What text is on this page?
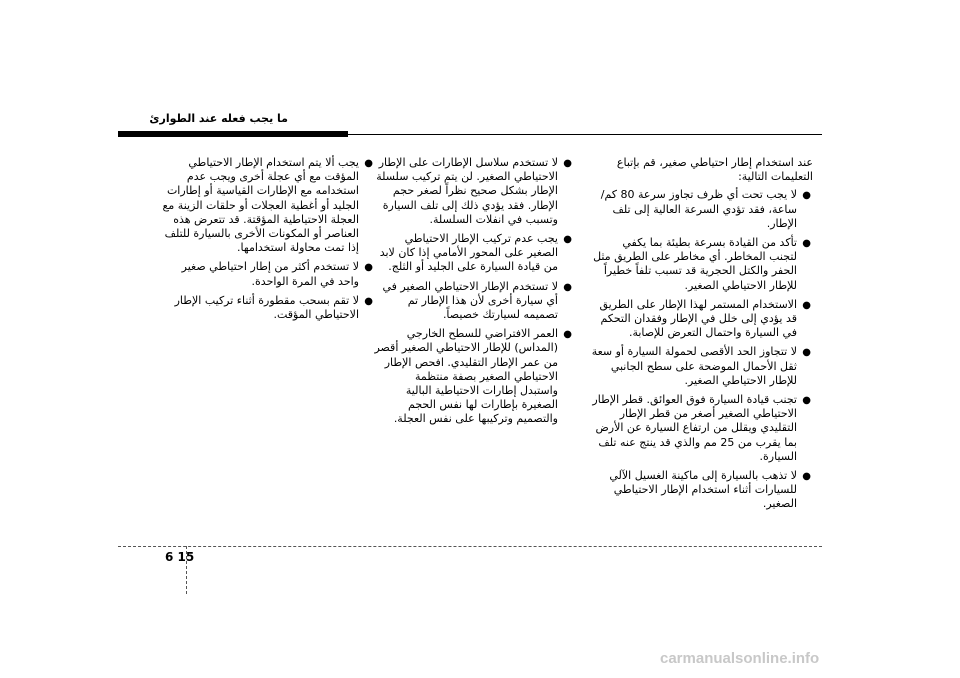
ما يجب فعله عند الطوارئ

عند استخدام إطار احتياطي صغير، قم بإتباع التعليمات التالية:

●
لا يجب تحت أي ظرف تجاوز سرعة 80 كم/ساعة، فقد تؤدي السرعة العالية إلى تلف الإطار.
●
تأكد من القيادة بسرعة بطيئة بما يكفي لتجنب المخاطر. أي مخاطر على الطريق مثل الحفر والكتل الحجرية قد تسبب تلفاً خطيراً للإطار الاحتياطي الصغير.
●
الاستخدام المستمر لهذا الإطار على الطريق قد يؤدي إلى خلل في الإطار وفقدان التحكم في السيارة واحتمال التعرض للإصابة.
●
لا تتجاوز الحد الأقصى لحمولة السيارة أو سعة ثقل الأحمال الموضحة على سطح الجانبي للإطار الاحتياطي الصغير.
●
تجنب قيادة السيارة فوق العوائق. قطر الإطار الاحتياطي الصغير أصغر من قطر الإطار التقليدي ويقلل من ارتفاع السيارة عن الأرض بما يقرب من 25 مم والذي قد ينتج عنه تلف السيارة.
●
لا تذهب بالسيارة إلى ماكينة الغسيل الآلي للسيارات أثناء استخدام الإطار الاحتياطي الصغير.
●
لا تستخدم سلاسل الإطارات على الإطار الاحتياطي الصغير. لن يتم تركيب سلسلة الإطار بشكل صحيح نظراً لصغر حجم الإطار. فقد يؤدي ذلك إلى تلف السيارة وتسبب في انفلات السلسلة.
●
يجب عدم تركيب الإطار الاحتياطي الصغير على المحور الأمامي إذا كان لابد من قيادة السيارة على الجليد أو الثلج.
●
لا تستخدم الإطار الاحتياطي الصغير في أي سيارة أخرى لأن هذا الإطار تم تصميمه لسيارتك خصيصاً.
●
العمر الافتراضي للسطح الخارجي (المداس) للإطار الاحتياطي الصغير أقصر من عمر الإطار التقليدي. افحص الإطار الاحتياطي الصغير بصفة منتظمة واستبدل إطارات الاحتياطية البالية الصغيرة بإطارات لها نفس الحجم والتصميم وتركيبها على نفس العجلة.
●
يجب ألا يتم استخدام الإطار الاحتياطي المؤقت مع أي عجلة أخرى ويجب عدم استخدامه مع الإطارات القياسية أو إطارات الجليد أو أغطية العجلات أو حلقات الزينة مع العجلة الاحتياطية المؤقتة. قد تتعرض هذه العناصر أو المكونات الأخرى بالسيارة للتلف إذا تمت محاولة استخدامها.
●
لا تستخدم أكثر من إطار احتياطي صغير واحد في المرة الواحدة.
●
لا تقم بسحب مقطورة أثناء تركيب الإطار الاحتياطي المؤقت.
6 15
carmanualsonline.info
